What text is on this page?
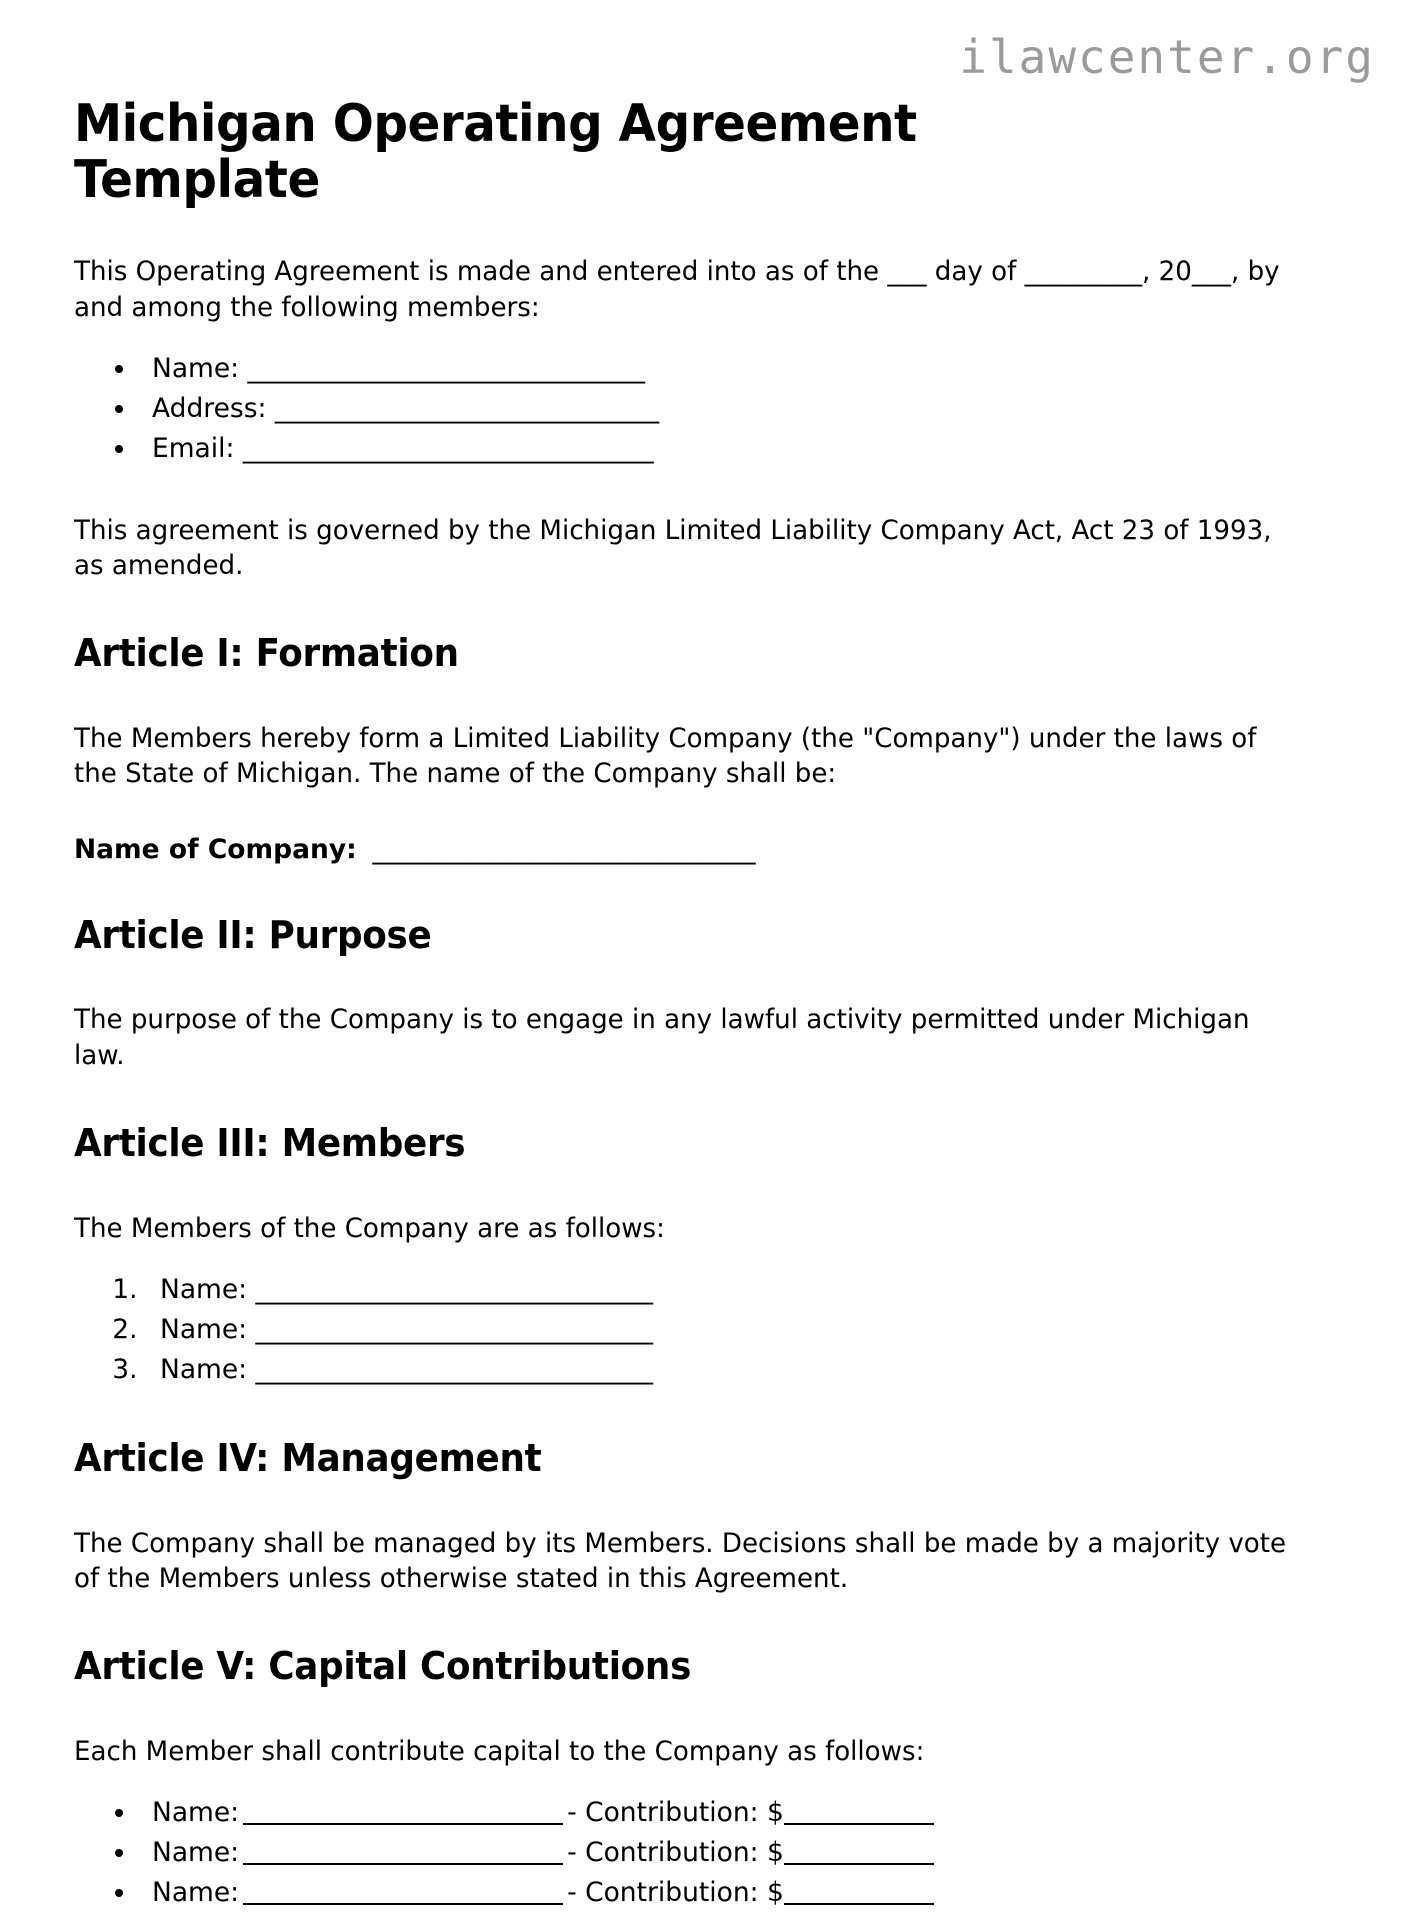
ilawcenter.org
Michigan Operating Agreement Template

This Operating Agreement is made and entered into as of the ___ day of _________, 20___, by and among the following members:

• Name: ______________________________
• Address: _____________________________
• Email: _______________________________

This agreement is governed by the Michigan Limited Liability Company Act, Act 23 of 1993, as amended.

Article I: Formation

The Members hereby form a Limited Liability Company (the "Company") under the laws of the State of Michigan. The name of the Company shall be:

Name of Company:  ______________________________

Article II: Purpose

The purpose of the Company is to engage in any lawful activity permitted under Michigan law.

Article III: Members

The Members of the Company are as follows:

1. Name: ______________________________
2. Name: ______________________________
3. Name: ______________________________
Article IV: Management

The Company shall be managed by its Members. Decisions shall be made by a majority vote of the Members unless otherwise stated in this Agreement.

Article V: Capital Contributions

Each Member shall contribute capital to the Company as follows:

• Name:	- Contribution: $
• Name:	- Contribution: $
• Name:	- Contribution: $
